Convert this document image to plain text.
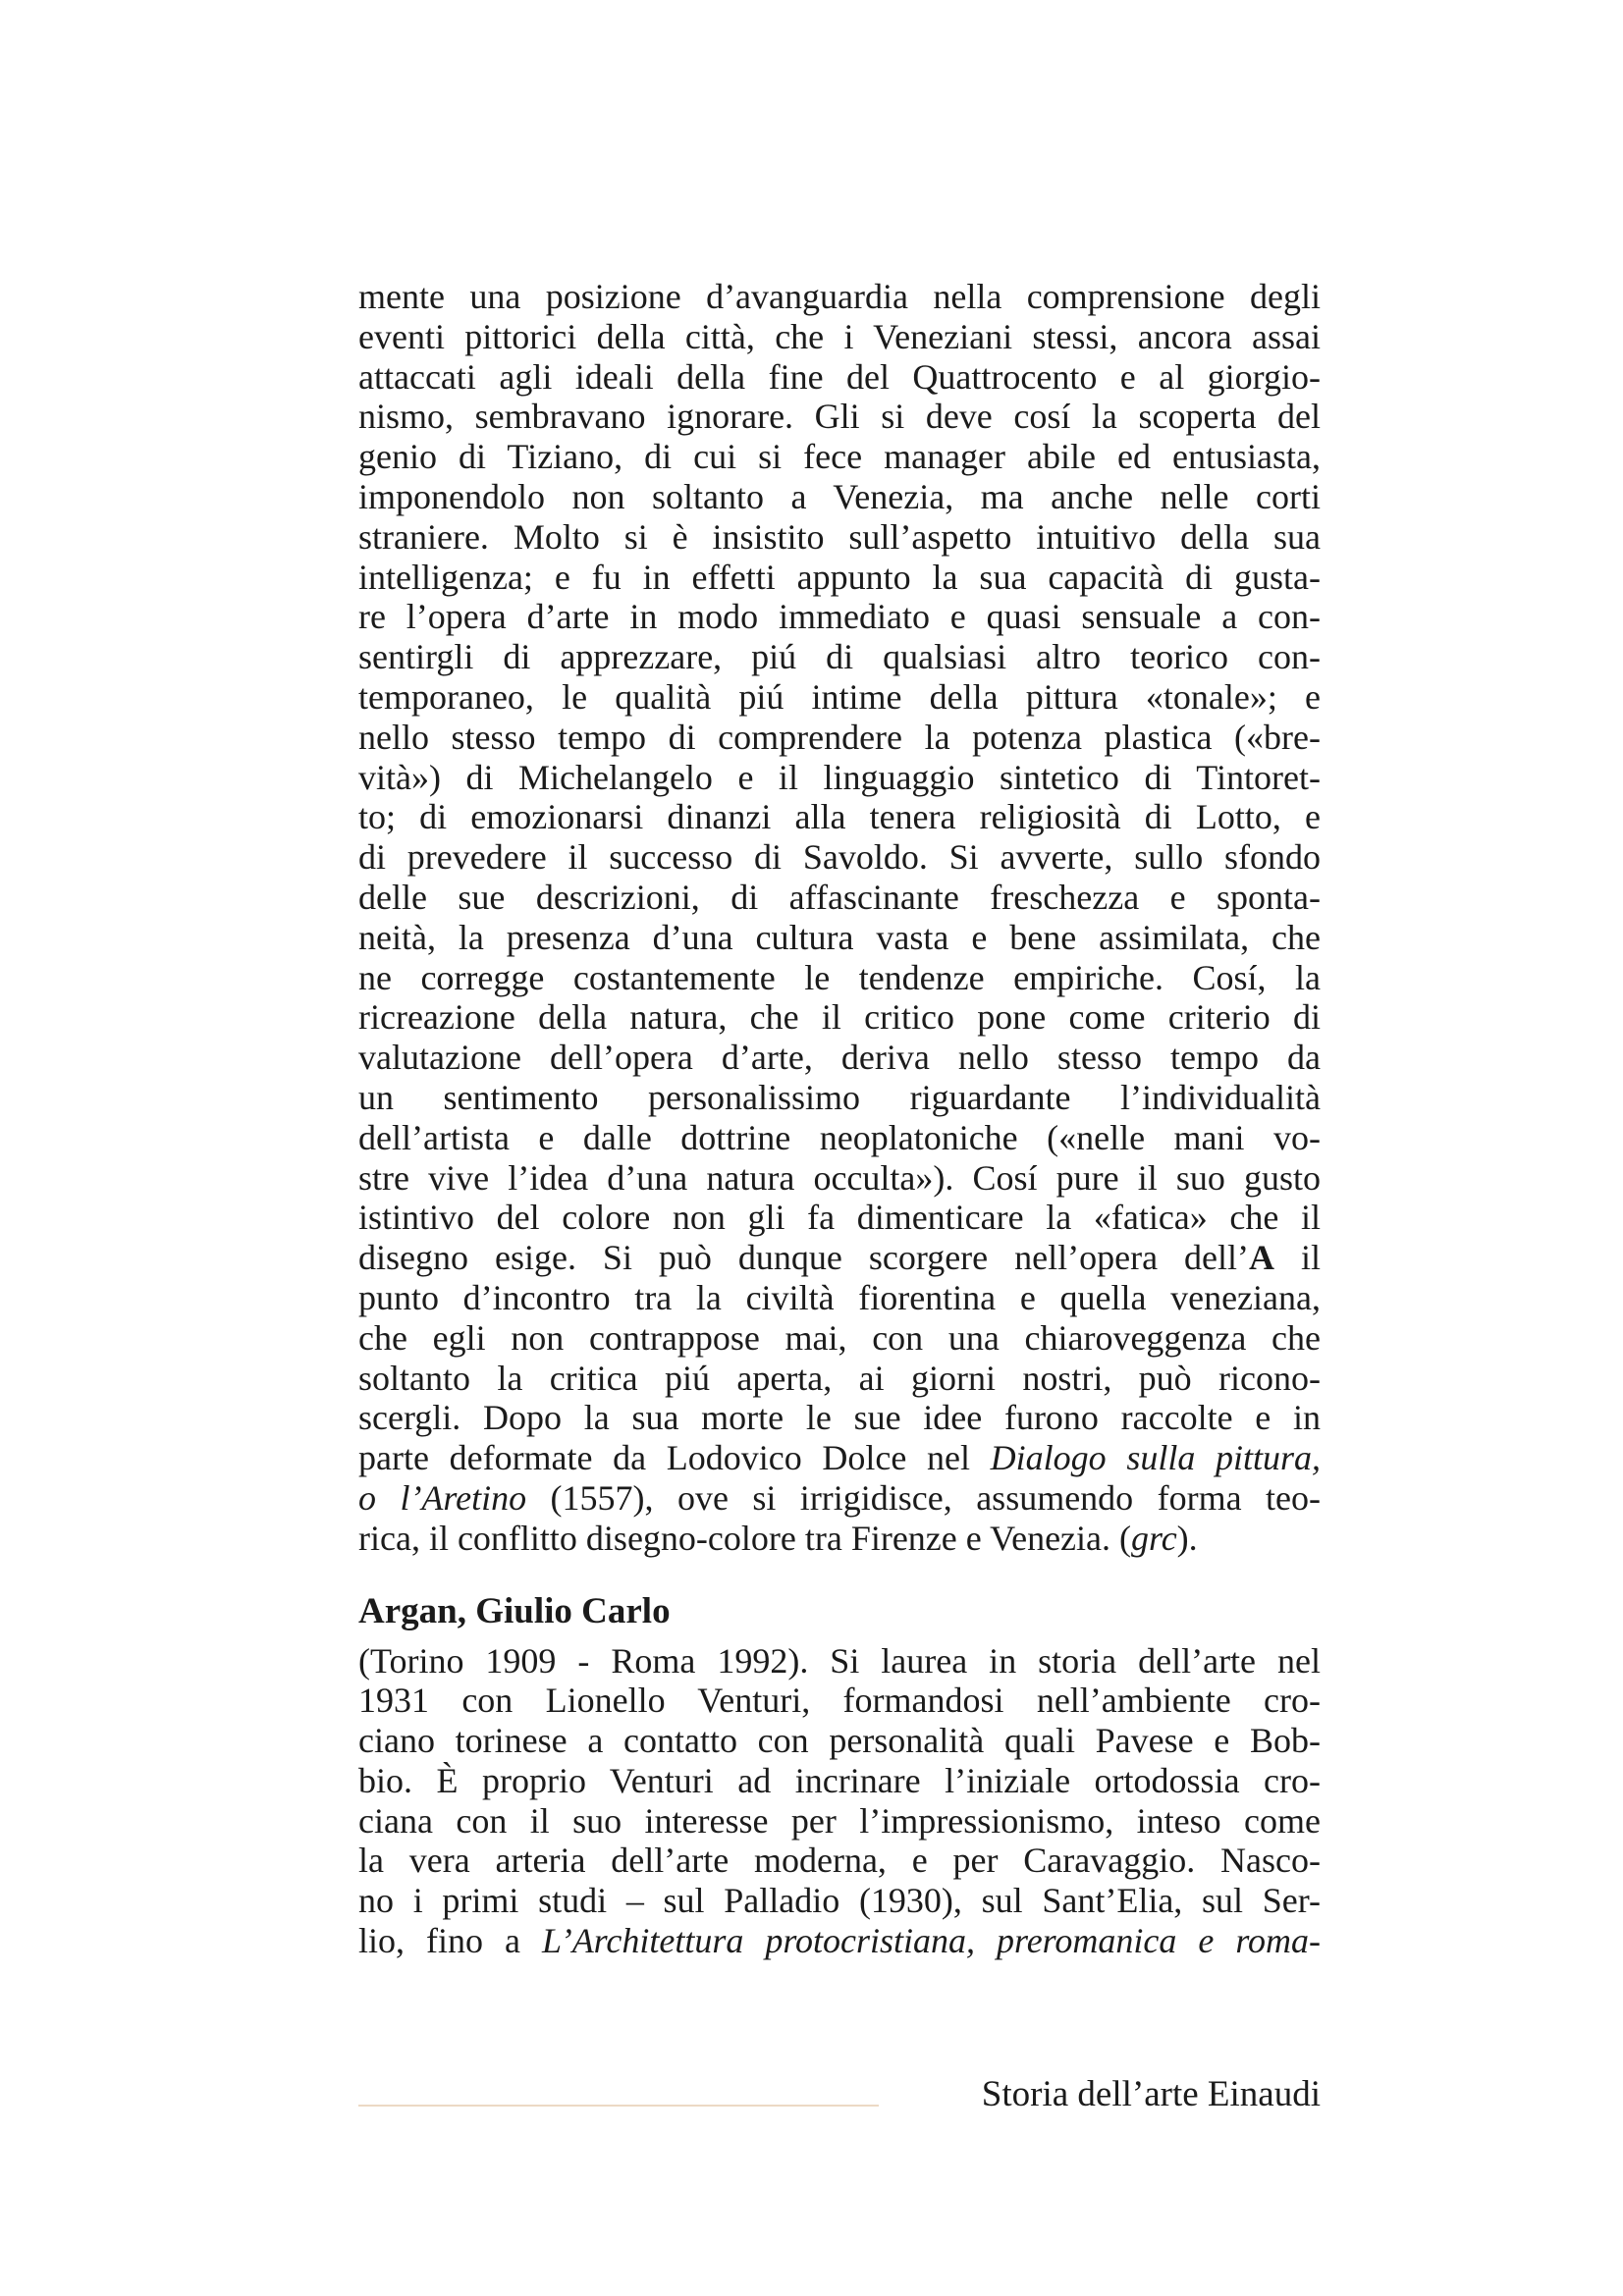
mente una posizione d’avanguardia nella comprensione degli
eventi pittorici della città, che i Veneziani stessi, ancora assai
attaccati agli ideali della fine del Quattrocento e al giorgio-
nismo, sembravano ignorare. Gli si deve cosí la scoperta del
genio di Tiziano, di cui si fece manager abile ed entusiasta,
imponendolo non soltanto a Venezia, ma anche nelle corti
straniere. Molto si è insistito sull’aspetto intuitivo della sua
intelligenza; e fu in effetti appunto la sua capacità di gusta-
re l’opera d’arte in modo immediato e quasi sensuale a con-
sentirgli di apprezzare, piú di qualsiasi altro teorico con-
temporaneo, le qualità piú intime della pittura «tonale»; e
nello stesso tempo di comprendere la potenza plastica («bre-
vità») di Michelangelo e il linguaggio sintetico di Tintoret-
to; di emozionarsi dinanzi alla tenera religiosità di Lotto, e
di prevedere il successo di Savoldo. Si avverte, sullo sfondo
delle sue descrizioni, di affascinante freschezza e sponta-
neità, la presenza d’una cultura vasta e bene assimilata, che
ne corregge costantemente le tendenze empiriche. Cosí, la
ricreazione della natura, che il critico pone come criterio di
valutazione dell’opera d’arte, deriva nello stesso tempo da
un sentimento personalissimo riguardante l’individualità
dell’artista e dalle dottrine neoplatoniche («nelle mani vo-
stre vive l’idea d’una natura occulta»). Cosí pure il suo gusto
istintivo del colore non gli fa dimenticare la «fatica» che il
disegno esige. Si può dunque scorgere nell’opera dell’A il
punto d’incontro tra la civiltà fiorentina e quella veneziana,
che egli non contrappose mai, con una chiaroveggenza che
soltanto la critica piú aperta, ai giorni nostri, può ricono-
scergli. Dopo la sua morte le sue idee furono raccolte e in
parte deformate da Lodovico Dolce nel Dialogo sulla pittura,
o l’Aretino (1557), ove si irrigidisce, assumendo forma teo-
rica, il conflitto disegno-colore tra Firenze e Venezia. (grc).
Argan, Giulio Carlo
(Torino 1909 - Roma 1992). Si laurea in storia dell’arte nel
1931 con Lionello Venturi, formandosi nell’ambiente cro-
ciano torinese a contatto con personalità quali Pavese e Bob-
bio. È proprio Venturi ad incrinare l’iniziale ortodossia cro-
ciana con il suo interesse per l’impressionismo, inteso come
la vera arteria dell’arte moderna, e per Caravaggio. Nasco-
no i primi studi – sul Palladio (1930), sul Sant’Elia, sul Ser-
lio, fino a L’Architettura protocristiana, preromanica e roma-
Storia dell’arte Einaudi
